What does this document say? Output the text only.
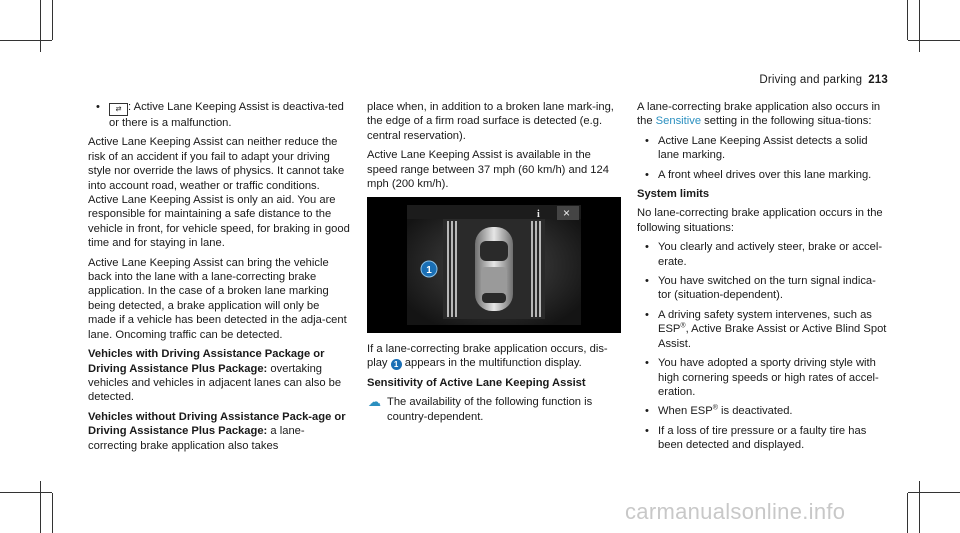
Driving and parking 213
• ⇄ : Active Lane Keeping Assist is deactiva-ted or there is a malfunction.

Active Lane Keeping Assist can neither reduce the risk of an accident if you fail to adapt your driving style nor override the laws of physics. It cannot take into account road, weather or traffic conditions. Active Lane Keeping Assist is only an aid. You are responsible for maintaining a safe distance to the vehicle in front, for vehicle speed, for braking in good time and for staying in lane.

Active Lane Keeping Assist can bring the vehicle back into the lane with a lane-correcting brake application. In the case of a broken lane marking being detected, a brake application will only be made if a vehicle has been detected in the adja-cent lane. Oncoming traffic can be detected.

Vehicles with Driving Assistance Package or Driving Assistance Plus Package: overtaking vehicles and vehicles in adjacent lanes can also be detected.

Vehicles without Driving Assistance Pack-age or Driving Assistance Plus Package: a lane-correcting brake application also takes

place when, in addition to a broken lane mark-ing, the edge of a firm road surface is detected (e.g. central reservation).

Active Lane Keeping Assist is available in the speed range between 37 mph (60 km/h) and 124 mph (200 km/h).

i ×
1

If a lane-correcting brake application occurs, dis-play 1 appears in the multifunction display.

Sensitivity of Active Lane Keeping Assist

☁ The availability of the following function is country-dependent.

A lane-correcting brake application also occurs in the Sensitive setting in the following situa-tions:

• Active Lane Keeping Assist detects a solid lane marking.
• A front wheel drives over this lane marking.

System limits

No lane-correcting brake application occurs in the following situations:

• You clearly and actively steer, brake or accel-erate.
• You have switched on the turn signal indica-tor (situation-dependent).
• A driving safety system intervenes, such as ESP®, Active Brake Assist or Active Blind Spot Assist.
• You have adopted a sporty driving style with high cornering speeds or high rates of accel-eration.
• When ESP® is deactivated.
• If a loss of tire pressure or a faulty tire has been detected and displayed.
carmanualsonline.info
